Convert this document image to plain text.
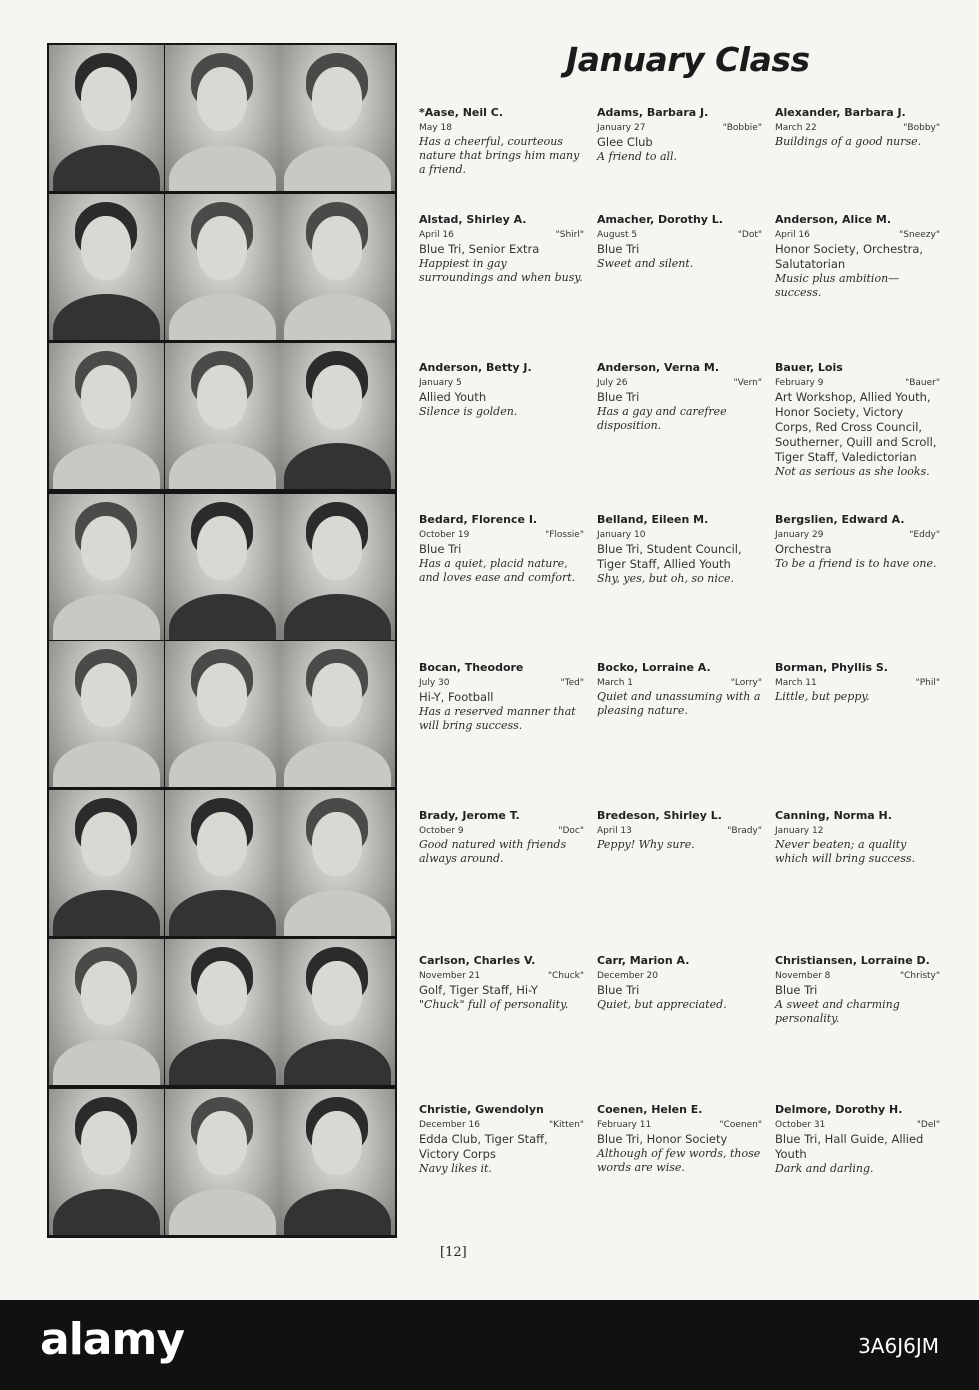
January Class
*Aase, Neil C.
May 18
Has a cheerful, courteous nature that brings him many a friend.
Adams, Barbara J.
January 27	"Bobbie"
Glee Club
A friend to all.
Alexander, Barbara J.
March 22	"Bobby"
Buildings of a good nurse.
Alstad, Shirley A.
April 16	"Shirl"
Blue Tri, Senior Extra
Happiest in gay surroundings and when busy.
Amacher, Dorothy L.
August 5	"Dot"
Blue Tri
Sweet and silent.
Anderson, Alice M.
April 16	"Sneezy"
Honor Society, Orchestra, Salutatorian
Music plus ambition—success.
Anderson, Betty J.
January 5
Allied Youth
Silence is golden.
Anderson, Verna M.
July 26	"Vern"
Blue Tri
Has a gay and carefree disposition.
Bauer, Lois
February 9	"Bauer"
Art Workshop, Allied Youth, Honor Society, Victory Corps, Red Cross Council, Southerner, Quill and Scroll, Tiger Staff, Valedictorian
Not as serious as she looks.
Bedard, Florence I.
October 19	"Flossie"
Blue Tri
Has a quiet, placid nature, and loves ease and comfort.
Belland, Eileen M.
January 10
Blue Tri, Student Council, Tiger Staff, Allied Youth
Shy, yes, but oh, so nice.
Bergslien, Edward A.
January 29	"Eddy"
Orchestra
To be a friend is to have one.
Bocan, Theodore
July 30	"Ted"
Hi-Y, Football
Has a reserved manner that will bring success.
Bocko, Lorraine A.
March 1	"Lorry"
Quiet and unassuming with a pleasing nature.
Borman, Phyllis S.
March 11	"Phil"
Little, but peppy.
Brady, Jerome T.
October 9	"Doc"
Good natured with friends always around.
Bredeson, Shirley L.
April 13	"Brady"
Peppy! Why sure.
Canning, Norma H.
January 12
Never beaten; a quality which will bring success.
Carlson, Charles V.
November 21	"Chuck"
Golf, Tiger Staff, Hi-Y
"Chuck" full of personality.
Carr, Marion A.
December 20
Blue Tri
Quiet, but appreciated.
Christiansen, Lorraine D.
November 8	"Christy"
Blue Tri
A sweet and charming personality.
Christie, Gwendolyn
December 16	"Kitten"
Edda Club, Tiger Staff, Victory Corps
Navy likes it.
Coenen, Helen E.
February 11	"Coenen"
Blue Tri, Honor Society
Although of few words, those words are wise.
Delmore, Dorothy H.
October 31	"Del"
Blue Tri, Hall Guide, Allied Youth
Dark and darling.
[12]
alamy	3A6J6JM
